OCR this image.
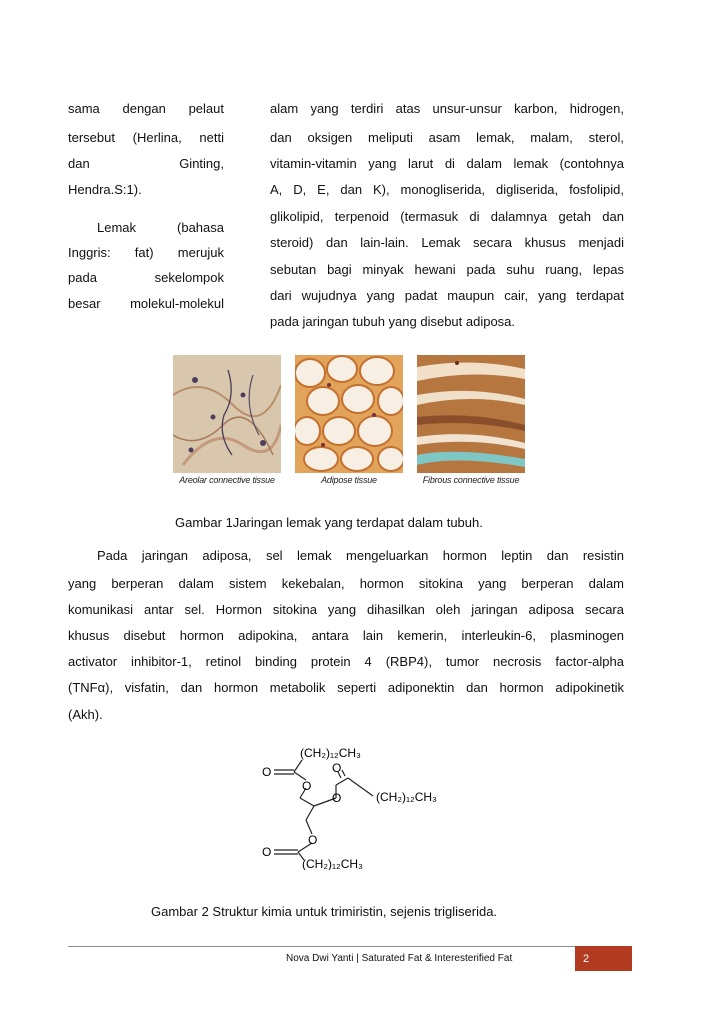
sama dengan pelaut
tersebut (Herlina, netti
dan Ginting,
Hendra.S:1).
Lemak (bahasa
Inggris: fat) merujuk
pada sekelompok
besar molekul-molekul
alam yang terdiri atas unsur-unsur karbon, hidrogen,
dan oksigen meliputi asam lemak, malam, sterol,
vitamin-vitamin yang larut di dalam lemak (contohnya
A, D, E, dan K), monogliserida, digliserida, fosfolipid,
glikolipid, terpenoid (termasuk di dalamnya getah dan
steroid) dan lain-lain. Lemak secara khusus menjadi
sebutan bagi minyak hewani pada suhu ruang, lepas
dari wujudnya yang padat maupun cair, yang terdapat
pada jaringan tubuh yang disebut adiposa.
Areolar connective tissue	Adipose tissue	Fibrous connective tissue
Gambar 1Jaringan lemak yang terdapat dalam tubuh.
Pada jaringan adiposa, sel lemak mengeluarkan hormon leptin dan resistin
yang berperan dalam sistem kekebalan, hormon sitokina yang berperan dalam
komunikasi antar sel. Hormon sitokina yang dihasilkan oleh jaringan adiposa secara
khusus disebut hormon adipokina, antara lain kemerin, interleukin-6, plasminogen
activator inhibitor-1, retinol binding protein 4 (RBP4), tumor necrosis factor-alpha
(TNFα), visfatin, dan hormon metabolik seperti adiponektin dan hormon adipokinetik
(Akh).
O
O
O
O
O
O
(CH₂)₁₂CH₃
(CH₂)₁₂CH₃
(CH₂)₁₂CH₃
Gambar 2 Struktur kimia untuk trimiristin, sejenis trigliserida.
Nova Dwi Yanti | Saturated Fat & Interesterified Fat	2
